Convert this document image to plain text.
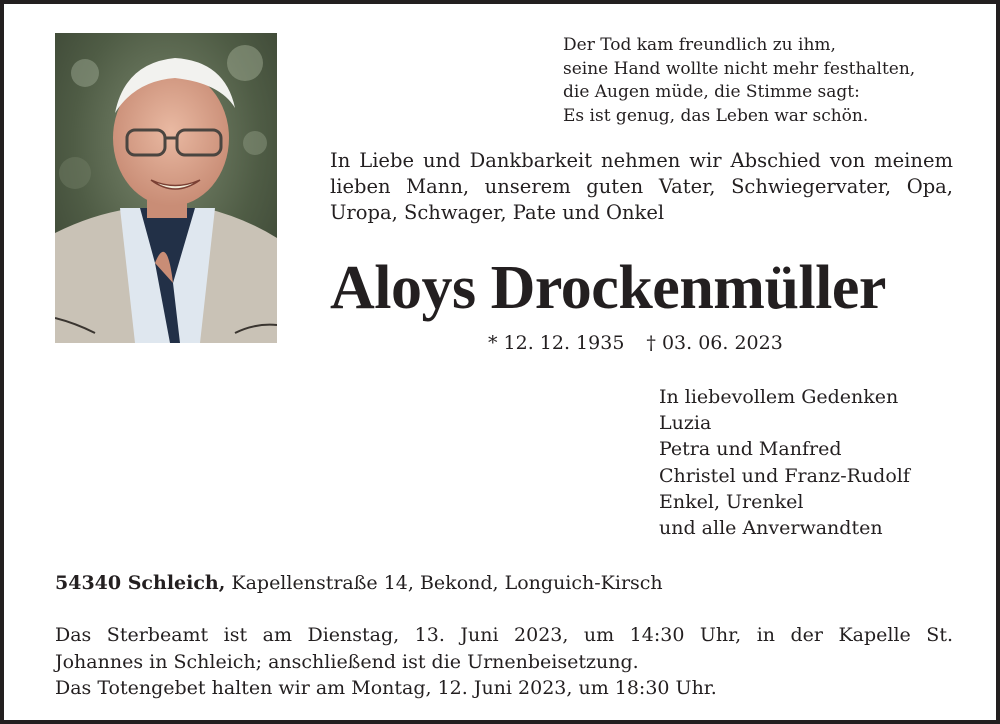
Der Tod kam freundlich zu ihm,
seine Hand wollte nicht mehr festhalten,
die Augen müde, die Stimme sagt:
Es ist genug, das Leben war schön.
In Liebe und Dankbarkeit nehmen wir Abschied von meinem lieben Mann, unserem guten Vater, Schwiegervater, Opa, Uropa, Schwager, Pate und Onkel
Aloys Drockenmüller
* 12. 12. 1935 † 03. 06. 2023
In liebevollem Gedenken
Luzia
Petra und Manfred
Christel und Franz-Rudolf
Enkel, Urenkel
und alle Anverwandten
54340 Schleich, Kapellenstraße 14, Bekond, Longuich-Kirsch
Das Sterbeamt ist am Dienstag, 13. Juni 2023, um 14:30 Uhr, in der Kapelle St.
Johannes in Schleich; anschließend ist die Urnenbeisetzung.
Das Totengebet halten wir am Montag, 12. Juni 2023, um 18:30 Uhr.
